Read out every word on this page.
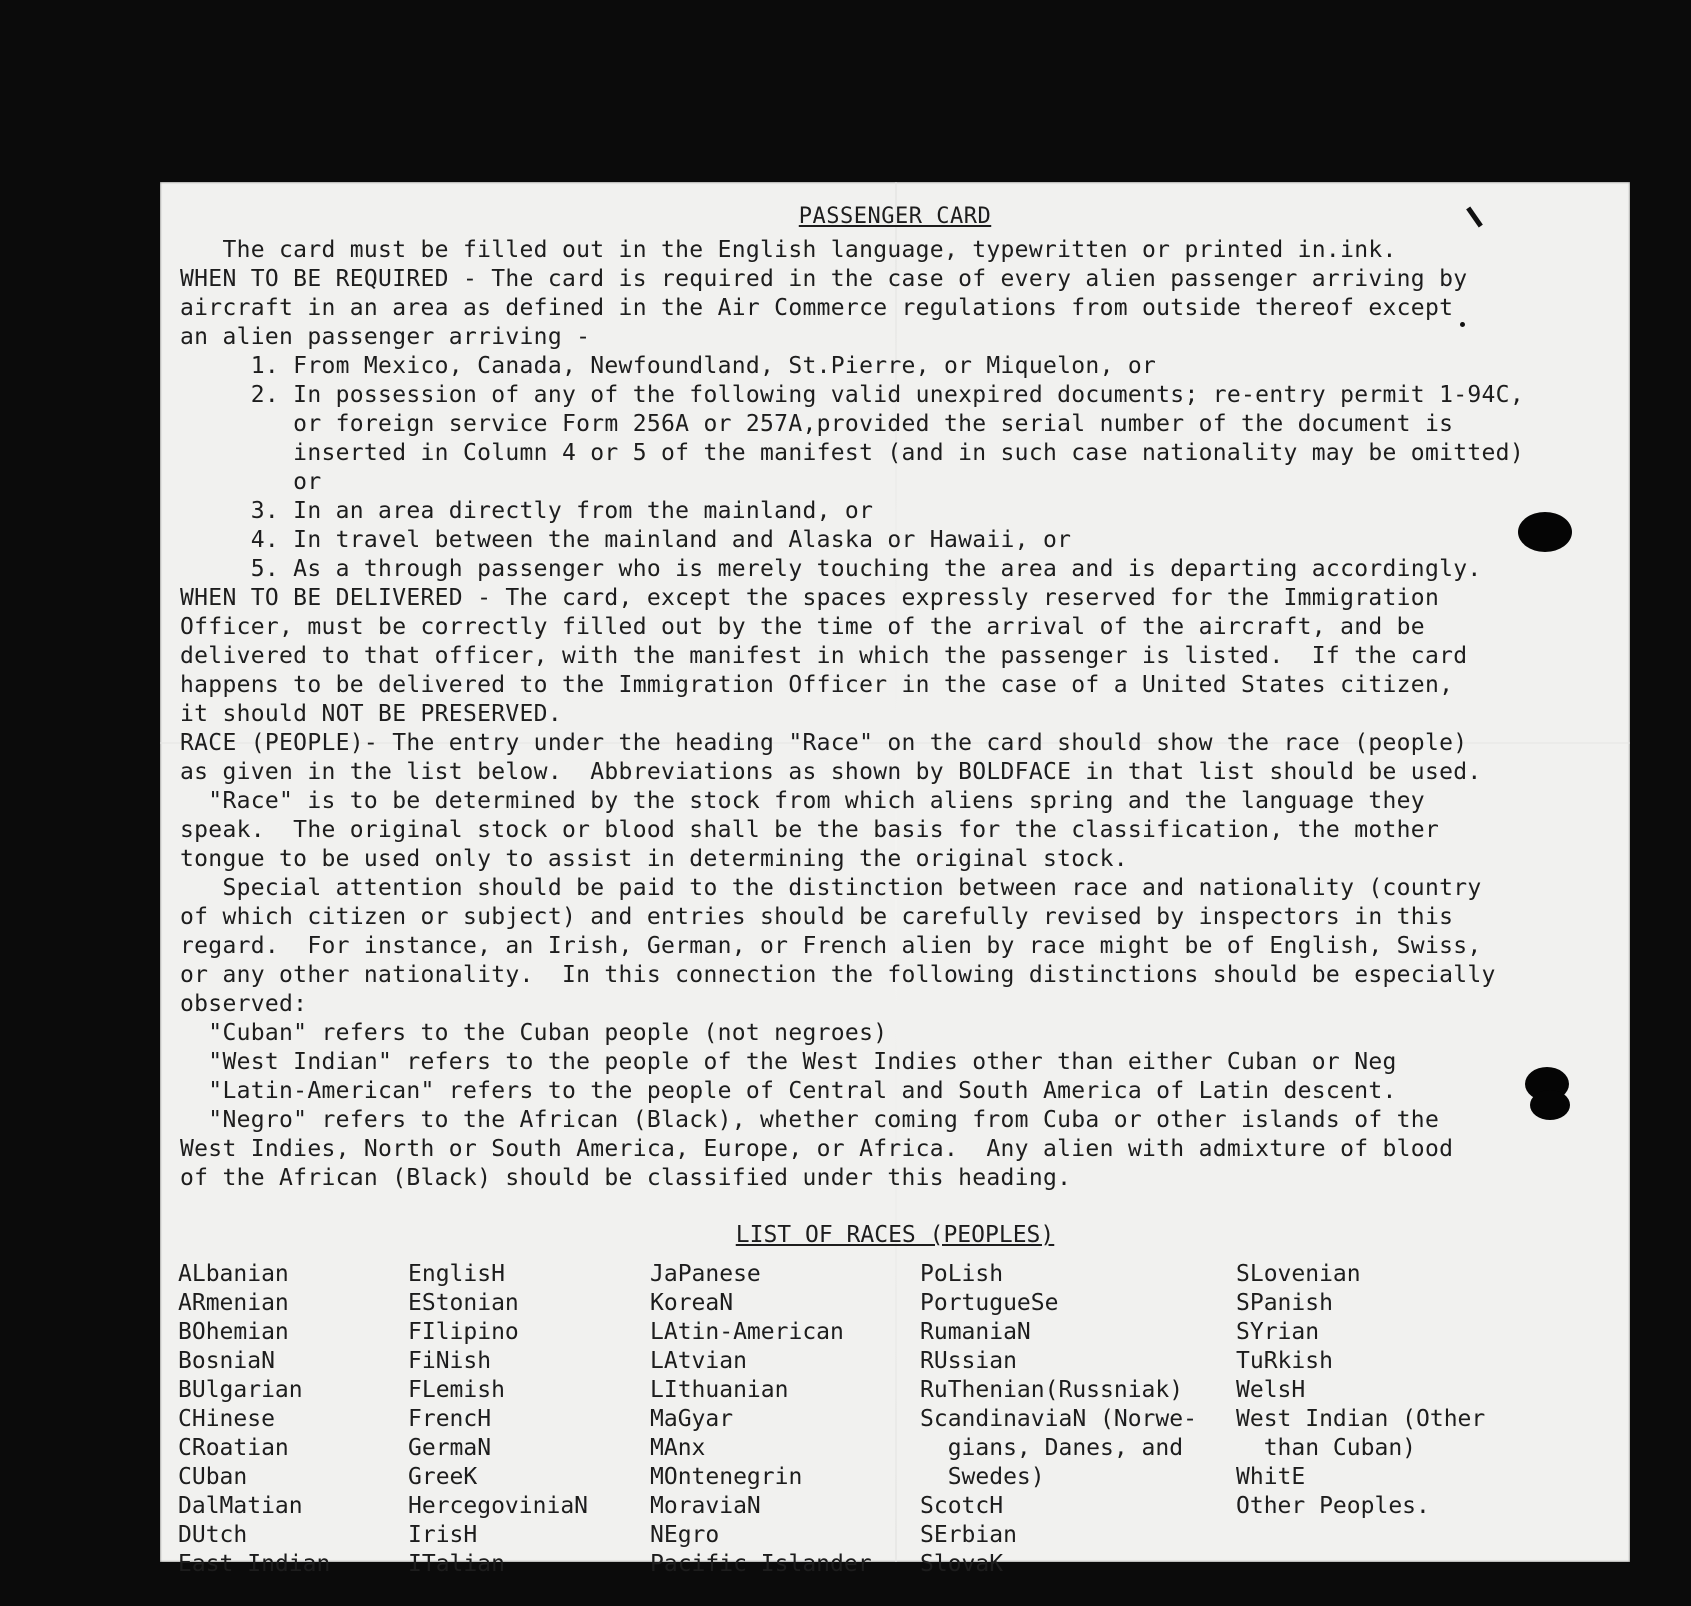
PASSENGER CARD

The card must be filled out in the English language, typewritten or printed in.ink.

WHEN TO BE REQUIRED - The card is required in the case of every alien passenger arriving by

aircraft in an area as defined in the Air Commerce regulations from outside thereof except

an alien passenger arriving -

1. From Mexico, Canada, Newfoundland, St.Pierre, or Miquelon, or

2. In possession of any of the following valid unexpired documents; re-entry permit 1-94C,

or foreign service Form 256A or 257A,provided the serial number of the document is

inserted in Column 4 or 5 of the manifest (and in such case nationality may be omitted)

or

3. In an area directly from the mainland, or

4. In travel between the mainland and Alaska or Hawaii, or

5. As a through passenger who is merely touching the area and is departing accordingly.

WHEN TO BE DELIVERED - The card, except the spaces expressly reserved for the Immigration

Officer, must be correctly filled out by the time of the arrival of the aircraft, and be

delivered to that officer, with the manifest in which the passenger is listed.  If the card

happens to be delivered to the Immigration Officer in the case of a United States citizen,

it should NOT BE PRESERVED.

RACE (PEOPLE)- The entry under the heading "Race" on the card should show the race (people)

as given in the list below.  Abbreviations as shown by BOLDFACE in that list should be used.

"Race" is to be determined by the stock from which aliens spring and the language they

speak.  The original stock or blood shall be the basis for the classification, the mother

tongue to be used only to assist in determining the original stock.

Special attention should be paid to the distinction between race and nationality (country

of which citizen or subject) and entries should be carefully revised by inspectors in this

regard.  For instance, an Irish, German, or French alien by race might be of English, Swiss,

or any other nationality.  In this connection the following distinctions should be especially

observed:

"Cuban" refers to the Cuban people (not negroes)

"West Indian" refers to the people of the West Indies other than either Cuban or Neg

"Latin-American" refers to the people of Central and South America of Latin descent.

"Negro" refers to the African (Black), whether coming from Cuba or other islands of the

West Indies, North or South America, Europe, or Africa.  Any alien with admixture of blood

of the African (Black) should be classified under this heading.

LIST OF RACES (PEOPLES)
ALbanian
ARmenian
BOhemian
BosniaN
BUlgarian
CHinese
CRoatian
CUban
DalMatian
DUtch
East Indian
EnglisH
EStonian
FIlipino
FiNish
FLemish
FrencH
GermaN
GreeK
HercegoviniaN
IrisH
ITalian
JaPanese
KoreaN
LAtin-American
LAtvian
LIthuanian
MaGyar
MAnx
MOntenegrin
MoraviaN
NEgro
Pacific Islander
PoLish
PortugueSe
RumaniaN
RUssian
RuThenian(Russniak)
ScandinaviaN (Norwe-
gians, Danes, and
Swedes)
ScotcH
SErbian
SlovaK
SLovenian
SPanish
SYrian
TuRkish
WelsH
West Indian (Other
than Cuban)
WhitE
Other Peoples.
